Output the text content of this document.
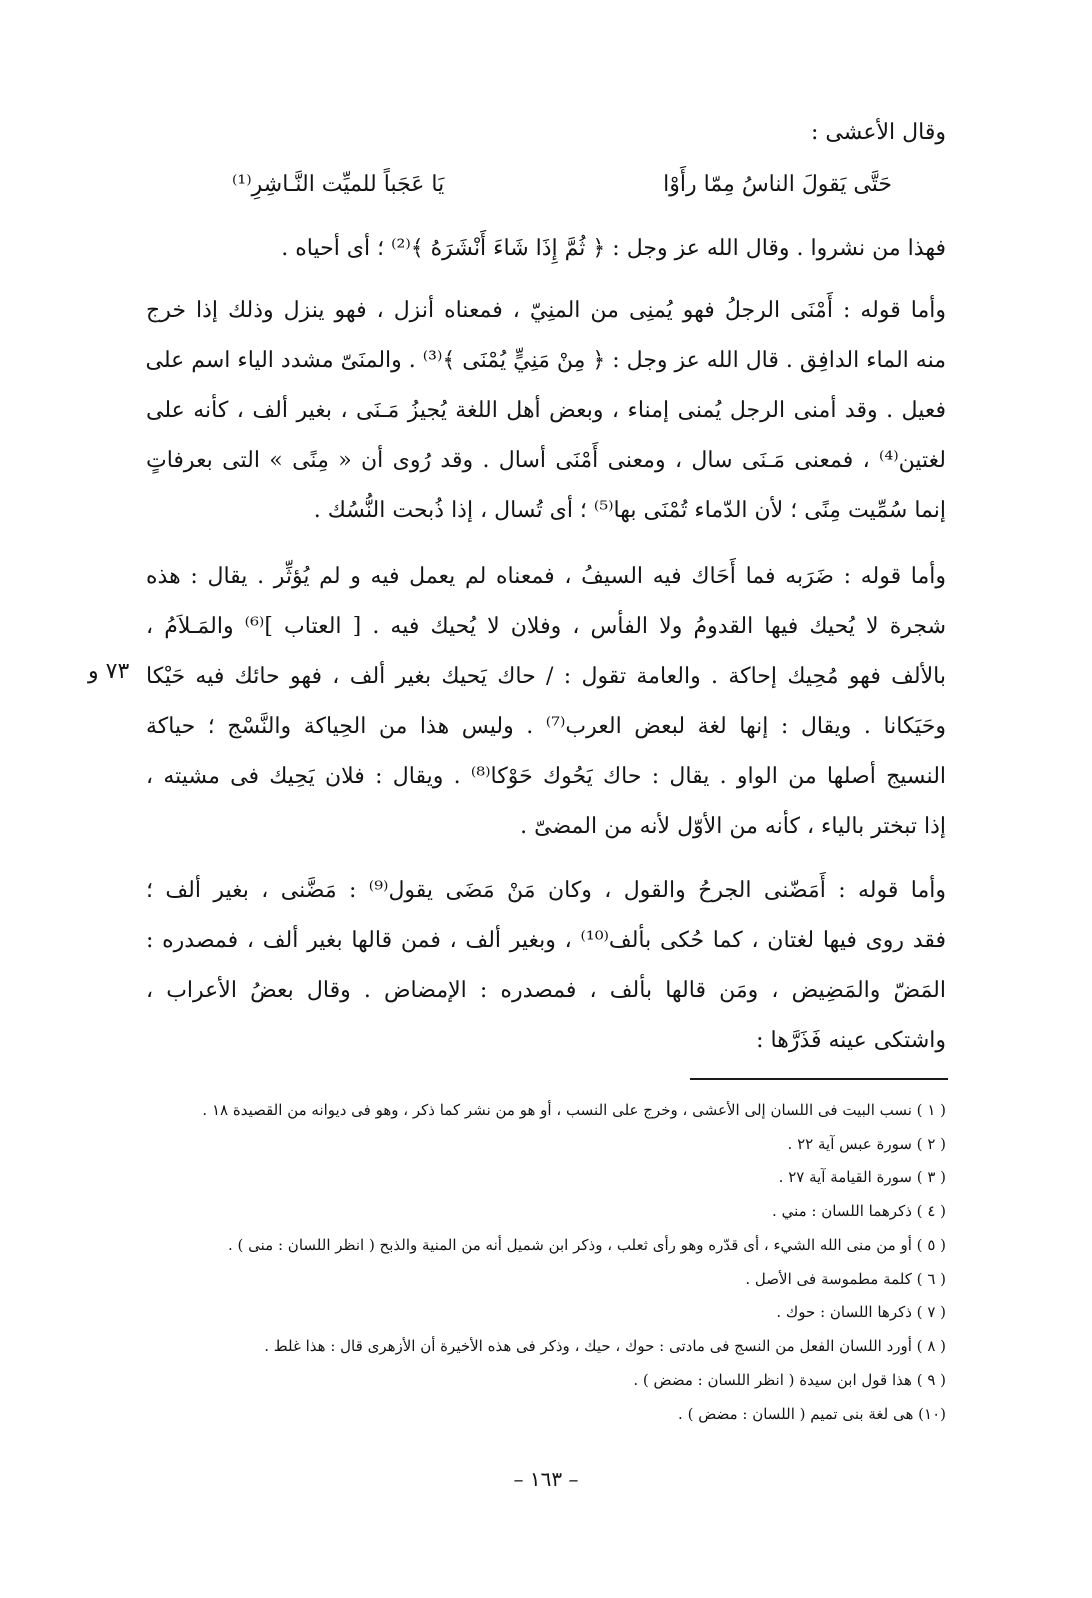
وقال الأعشى :
حَتَّى يَقولَ الناسُ مِمّا رأَوْا
يَا عَجَباً للميِّت النَّـاشِرِ⁽¹⁾
فهذا من نشروا . وقال الله عز وجل : ﴿ ثُمَّ إِذَا شَاءَ أَنْشَرَهُ ﴾⁽²⁾ ؛ أى أحياه .
وأما قوله : أَمْنَى الرجلُ فهو يُمنِى من المنِيّ ، فمعناه أنزل ، فهو ينزل وذلك إذا خرج
منه الماء الدافِق . قال الله عز وجل : ﴿ مِنْ مَنِيٍّ يُمْنَى ﴾⁽³⁾ . والمنَىّ مشدد الياء اسم على
فعيل . وقد أمنى الرجل يُمنى إمناء ، وبعض أهل اللغة يُجيزُ مَـنَى ، بغير ألف ، كأنه على
لغتين⁽⁴⁾ ، فمعنى مَـنَى سال ، ومعنى أَمْنَى أسال . وقد رُوى أن « مِنًى » التى بعرفاتٍ
إنما سُمِّيت مِنًى ؛ لأن الدّماء تُمْنَى بها⁽⁵⁾ ؛ أى تُسال ، إذا ذُبحت النُّسُك .
وأما قوله : ضَرَبه فما أَحَاك فيه السيفُ ، فمعناه لم يعمل فيه و لم يُؤثِّر . يقال : هذه
شجرة لا يُحيك فيها القدومُ ولا الفأس ، وفلان لا يُحيك فيه . [ العتاب ]⁽⁶⁾ والمَـلاَمُ ،
بالألف فهو مُحِيك إحاكة . والعامة تقول : / حاك يَحيك بغير ألف ، فهو حائك فيه حَيْكا
وحَيَكانا . ويقال : إنها لغة لبعض العرب⁽⁷⁾ . وليس هذا من الحِياكة والنَّسْج ؛ حياكة
النسيج أصلها من الواو . يقال : حاك يَحُوك حَوْكا⁽⁸⁾ . ويقال : فلان يَحِيك فى مشيته ،
إذا تبختر بالياء ، كأنه من الأوّل لأنه من المضىّ .
وأما قوله : أَمَضّنى الجرحُ والقول ، وكان مَنْ مَضَى يقول⁽⁹⁾ : مَضَّنى ، بغير ألف ؛
فقد روى فيها لغتان ، كما حُكى بألف⁽¹⁰⁾ ، وبغير ألف ، فمن قالها بغير ألف ، فمصدره :
المَضّ والمَضِيض ، ومَن قالها بألف ، فمصدره : الإمضاض . وقال بعضُ الأعراب ،
واشتكى عينه فَذَرَّها :
٧٣ و
( ١ ) نسب البيت فى اللسان إلى الأعشى ، وخرج على النسب ، أو هو من نشر كما ذكر ، وهو فى ديوانه من القصيدة ١٨ .
( ٢ ) سورة عبس آية ٢٢ .
( ٣ ) سورة القيامة آية ٢٧ .
( ٤ ) ذكرهما اللسان : مني .
( ٥ ) أو من منى الله الشيء ، أى قدّره وهو رأى ثعلب ، وذكر ابن شميل أنه من المنية والذبح ( انظر اللسان : منى ) .
( ٦ ) كلمة مطموسة فى الأصل .
( ٧ ) ذكرها اللسان : حوك .
( ٨ ) أورد اللسان الفعل من النسج فى مادتى : حوك ، حيك ، وذكر فى هذه الأخيرة أن الأزهرى قال : هذا غلط .
( ٩ ) هذا قول ابن سيدة ( انظر اللسان : مضض ) .
(١٠) هى لغة بنى تميم ( اللسان : مضض ) .
– ١٦٣ –
